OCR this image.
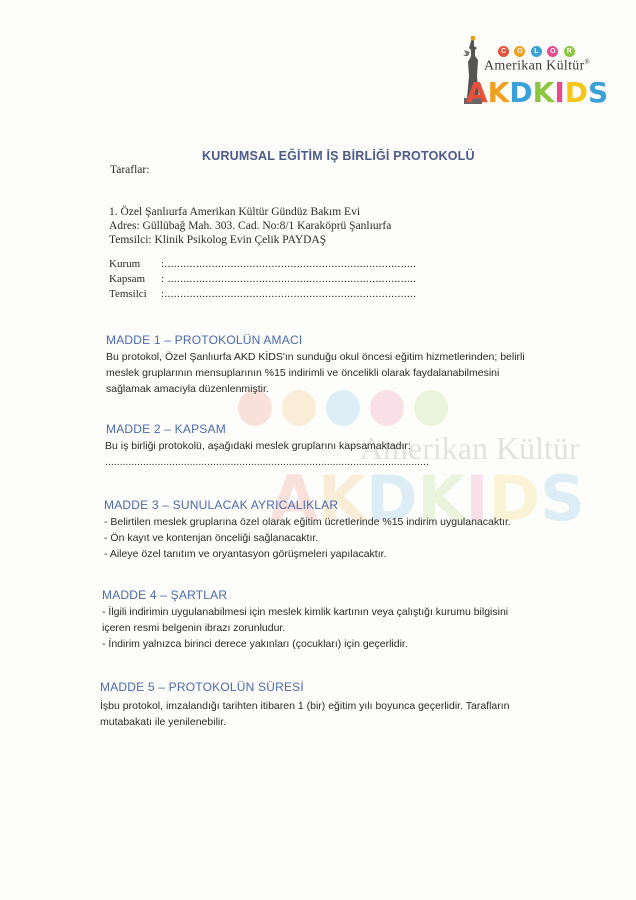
C O L O R
Amerikan Kültür®
AKDKIDS
Amerikan Kültür
AKDKIDS
KURUMSAL EĞİTİM İŞ BİRLİĞİ PROTOKOLÜ
Taraflar:
1. Özel Şanlıurfa Amerikan Kültür Gündüz Bakım Evi
Adres: Güllübağ Mah. 303. Cad. No:8/1 Karaköprü Şanlıurfa
Temsilci: Klinik Psikolog Evin Çelik PAYDAŞ
Kurum :................................................................................
Kapsam : ...............................................................................
Temsilci :................................................................................
MADDE 1 – PROTOKOLÜN AMACI
Bu protokol, Özel Şanlıurfa AKD KİDS'ın sunduğu okul öncesi eğitim hizmetlerinden; belirli
meslek gruplarının mensuplarının %15 indirimli ve öncelikli olarak faydalanabilmesini
sağlamak amacıyla düzenlenmiştir.
MADDE 2 – KAPSAM
Bu iş birliği protokolü, aşağıdaki meslek gruplarını kapsamaktadır:
...............................................................................................................
MADDE 3 – SUNULACAK AYRICALIKLAR
- Belirtilen meslek gruplarına özel olarak eğitim ücretlerinde %15 indirim uygulanacaktır.
- Ön kayıt ve kontenjan önceliği sağlanacaktır.
- Aileye özel tanıtım ve oryantasyon görüşmeleri yapılacaktır.
MADDE 4 – ŞARTLAR
- İlgili indirimin uygulanabilmesi için meslek kimlik kartının veya çalıştığı kurumu bilgisini
içeren resmi belgenin ibrazı zorunludur.
- İndirim yalnızca birinci derece yakınları (çocukları) için geçerlidir.
MADDE 5 – PROTOKOLÜN SÜRESİ
İşbu protokol, imzalandığı tarihten itibaren 1 (bir) eğitim yılı boyunca geçerlidir. Tarafların
mutabakatı ile yenilenebilir.
